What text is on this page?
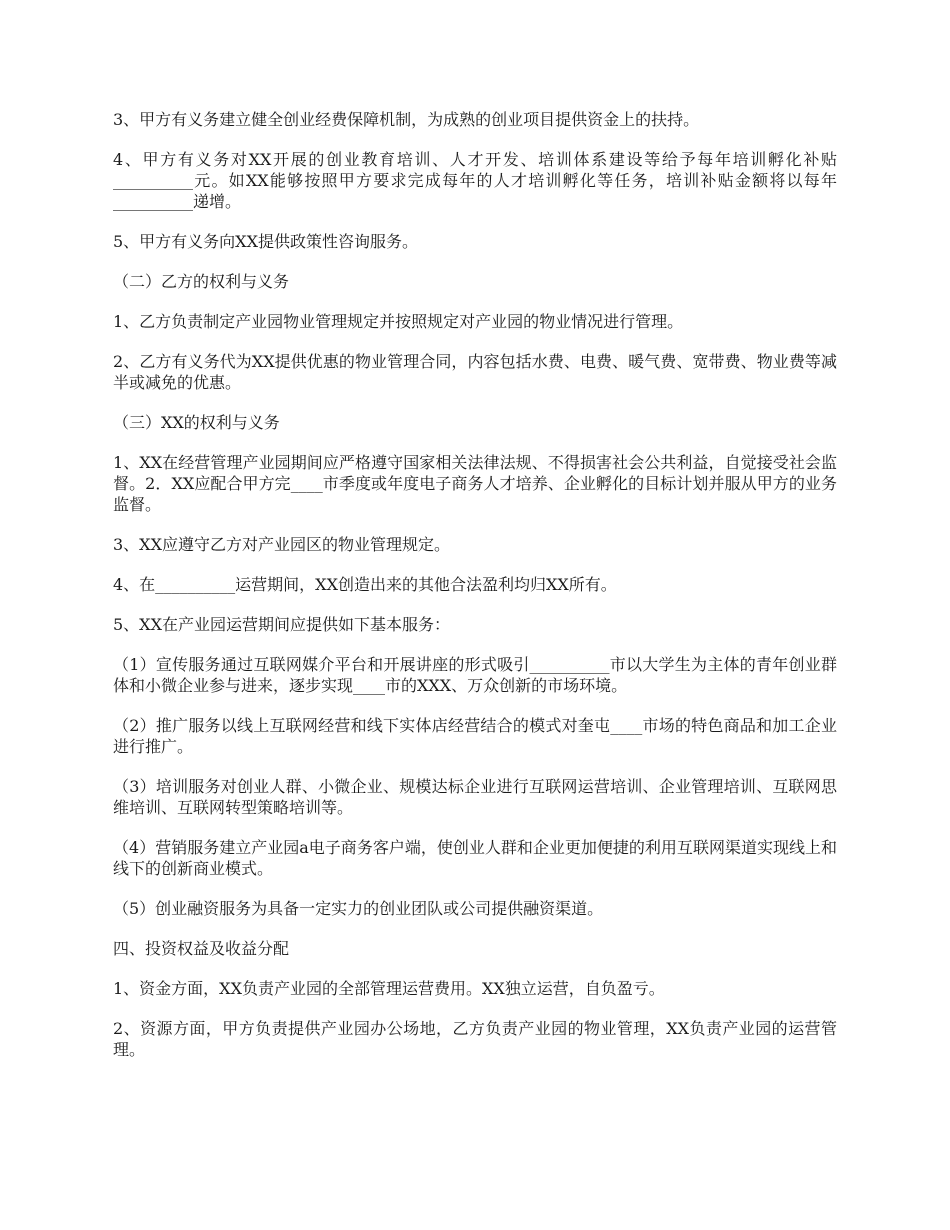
3、甲方有义务建立健全创业经费保障机制，为成熟的创业项目提供资金上的扶持。

4、甲方有义务对XX开展的创业教育培训、人才开发、培训体系建设等给予每年培训孵化补贴__________元。如XX能够按照甲方要求完成每年的人才培训孵化等任务，培训补贴金额将以每年__________递增。

5、甲方有义务向XX提供政策性咨询服务。

（二）乙方的权利与义务

1、乙方负责制定产业园物业管理规定并按照规定对产业园的物业情况进行管理。

2、乙方有义务代为XX提供优惠的物业管理合同，内容包括水费、电费、暖气费、宽带费、物业费等减半或减免的优惠。

（三）XX的权利与义务

1、XX在经营管理产业园期间应严格遵守国家相关法律法规、不得损害社会公共利益，自觉接受社会监督。2．XX应配合甲方完____市季度或年度电子商务人才培养、企业孵化的目标计划并服从甲方的业务监督。

3、XX应遵守乙方对产业园区的物业管理规定。

4、在__________运营期间，XX创造出来的其他合法盈利均归XX所有。

5、XX在产业园运营期间应提供如下基本服务：

（1）宣传服务通过互联网媒介平台和开展讲座的形式吸引__________市以大学生为主体的青年创业群体和小微企业参与进来，逐步实现____市的XXX、万众创新的市场环境。

（2）推广服务以线上互联网经营和线下实体店经营结合的模式对奎屯____市场的特色商品和加工企业进行推广。

（3）培训服务对创业人群、小微企业、规模达标企业进行互联网运营培训、企业管理培训、互联网思维培训、互联网转型策略培训等。

（4）营销服务建立产业园a电子商务客户端，使创业人群和企业更加便捷的利用互联网渠道实现线上和线下的创新商业模式。

（5）创业融资服务为具备一定实力的创业团队或公司提供融资渠道。

四、投资权益及收益分配

1、资金方面，XX负责产业园的全部管理运营费用。XX独立运营，自负盈亏。

2、资源方面，甲方负责提供产业园办公场地，乙方负责产业园的物业管理，XX负责产业园的运营管理。
